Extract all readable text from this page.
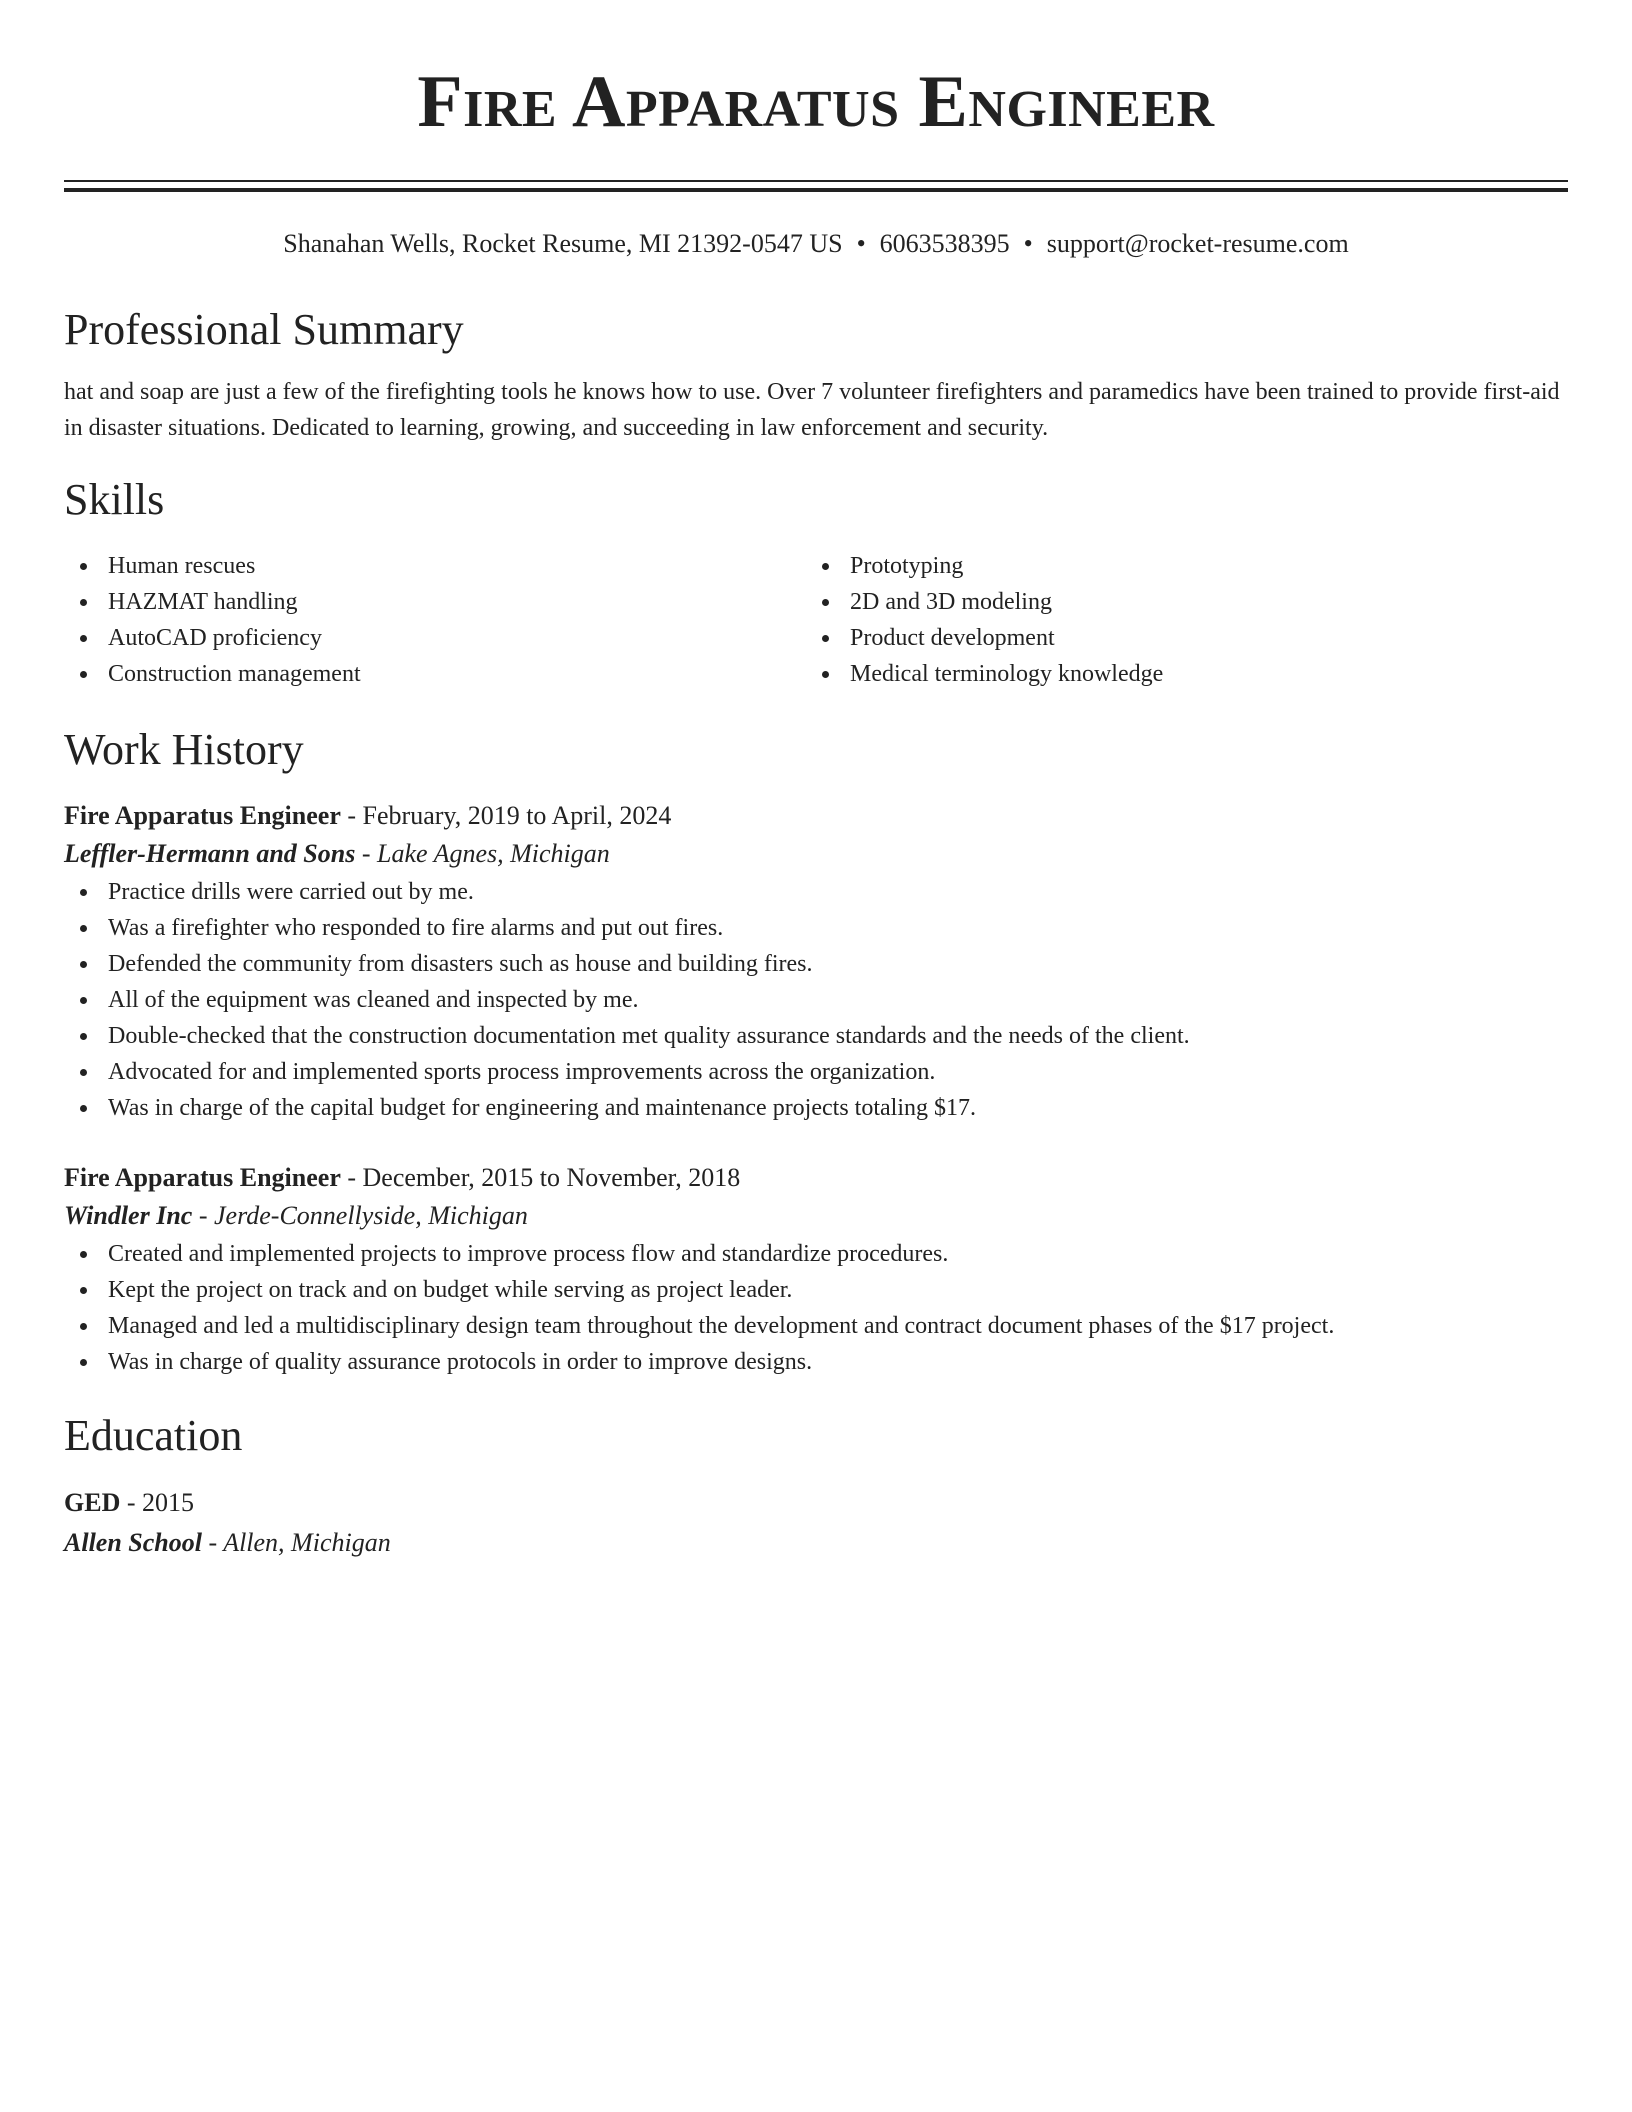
Fire Apparatus Engineer
Shanahan Wells, Rocket Resume, MI 21392-0547 US • 6063538395 • support@rocket-resume.com
Professional Summary

hat and soap are just a few of the firefighting tools he knows how to use. Over 7 volunteer firefighters and paramedics have been trained to provide first-aid in disaster situations. Dedicated to learning, growing, and succeeding in law enforcement and security.

Skills
Human rescues
HAZMAT handling
AutoCAD proficiency
Construction management
Prototyping
2D and 3D modeling
Product development
Medical terminology knowledge
Work History
Fire Apparatus Engineer - February, 2019 to April, 2024
Leffler-Hermann and Sons - Lake Agnes, Michigan
Practice drills were carried out by me.
Was a firefighter who responded to fire alarms and put out fires.
Defended the community from disasters such as house and building fires.
All of the equipment was cleaned and inspected by me.
Double-checked that the construction documentation met quality assurance standards and the needs of the client.
Advocated for and implemented sports process improvements across the organization.
Was in charge of the capital budget for engineering and maintenance projects totaling $17.
Fire Apparatus Engineer - December, 2015 to November, 2018
Windler Inc - Jerde-Connellyside, Michigan
Created and implemented projects to improve process flow and standardize procedures.
Kept the project on track and on budget while serving as project leader.
Managed and led a multidisciplinary design team throughout the development and contract document phases of the $17 project.
Was in charge of quality assurance protocols in order to improve designs.
Education
GED - 2015
Allen School - Allen, Michigan
